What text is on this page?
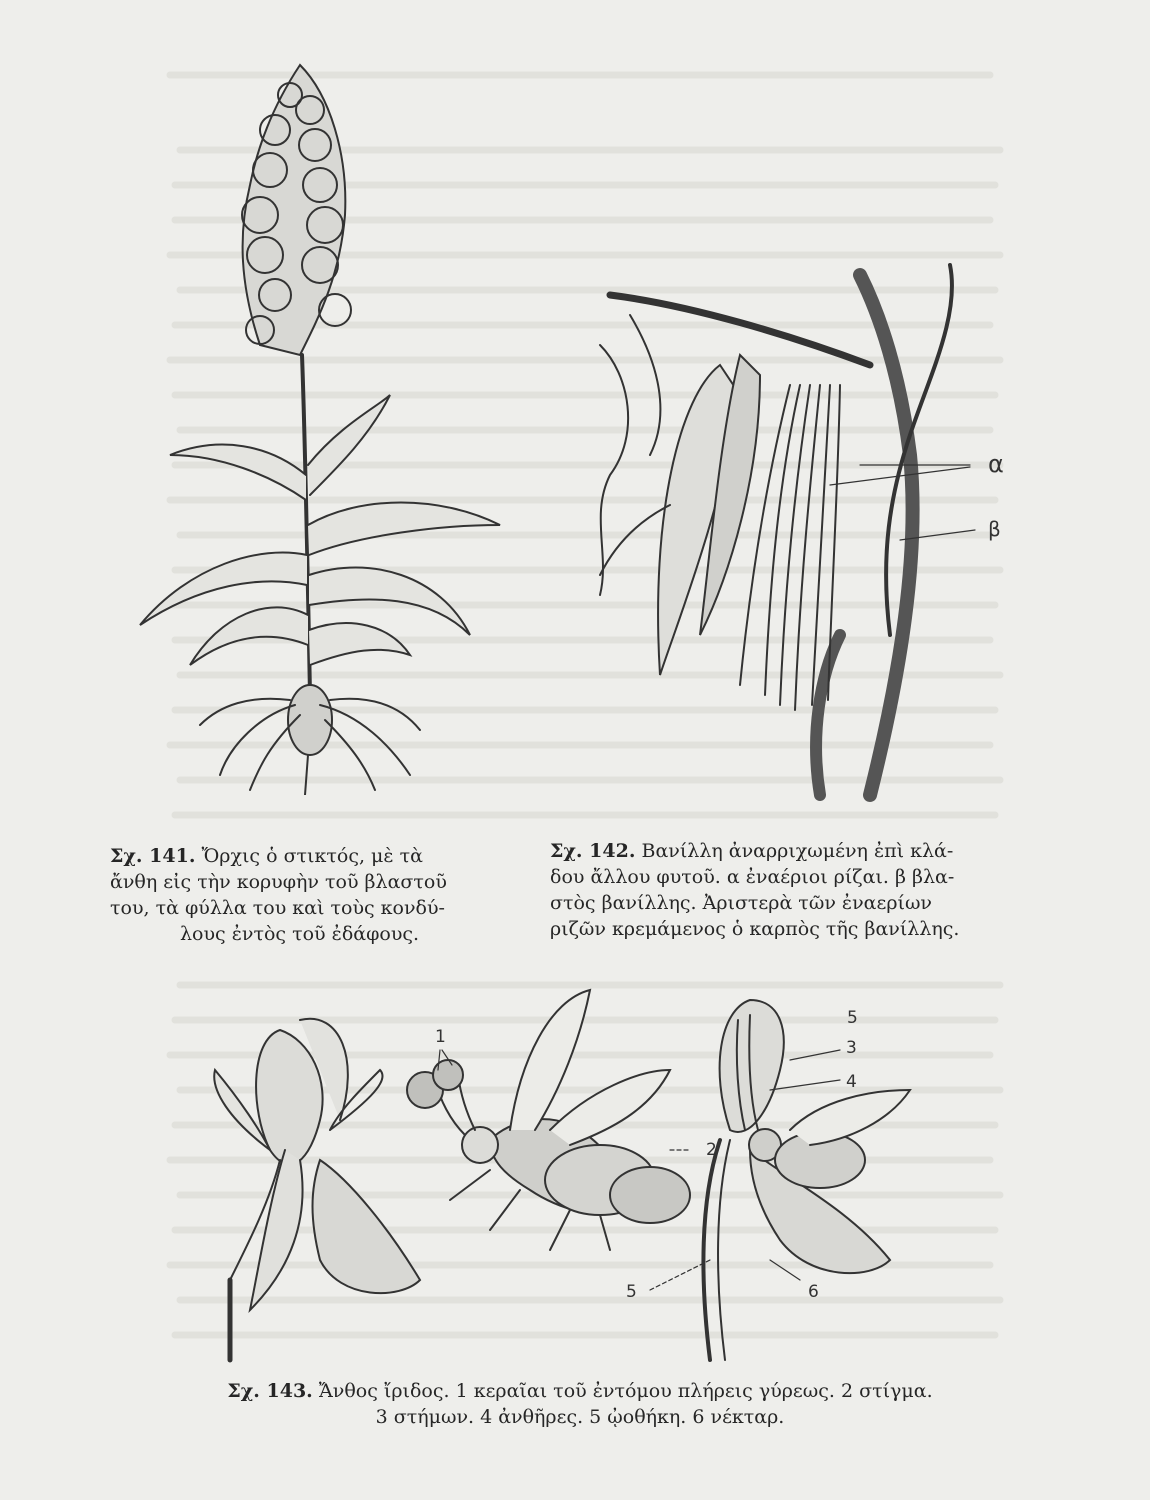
α
β
Σχ. 141. Ὄρχις ὁ στικτός, μὲ τὰ
ἄνθη εἰς τὴν κορυφὴν τοῦ βλαστοῦ
του, τὰ φύλλα του καὶ τοὺς κονδύ-
λους ἐντὸς τοῦ ἐδάφους.
Σχ. 142. Βανίλλη ἀναρριχωμένη ἐπὶ κλά-
δου ἄλλου φυτοῦ. α ἐναέριοι ρίζαι. β βλα-
στὸς βανίλλης. Ἀριστερὰ τῶν ἐναερίων
ριζῶν κρεμάμενος ὁ καρπὸς τῆς βανίλλης.
1
2
3
4
5	6
5
Σχ. 143. Ἄνθος ἴριδος. 1 κεραῖαι τοῦ ἐντόμου πλήρεις γύρεως. 2 στίγμα.
3 στήμων. 4 ἀνθῆρες. 5 ᾠοθήκη. 6 νέκταρ.
